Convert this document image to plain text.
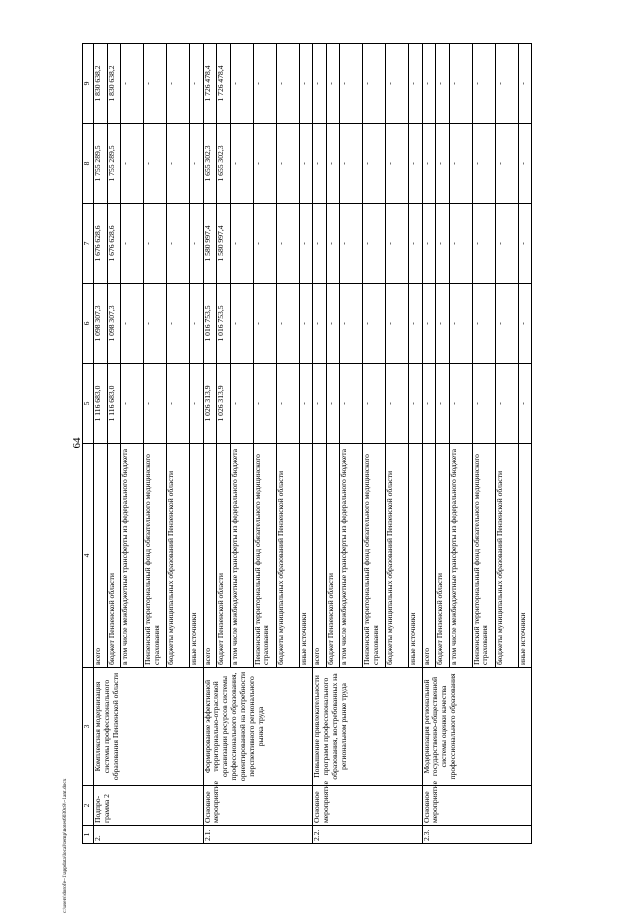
64
c:\users\dorofe~1\appdata\local\temp\notes6030c8\~1ant.docx 1	2	3	4	5	6	7	8	9
2.	Подпро-грамма 2	Комплексная модернизация системы профессионального образования Пензенской области	всего	1 116 683,0	1 098 307,3	1 676 628,6	1 755 289,5	1 830 638,2
			бюджет Пензенской области	1 116 683,0	1 098 307,3	1 676 628,6	1 755 289,5	1 830 638,2
			в том числе межбюджетные трансферты из федерального бюджета	-	-	-	-	-
			Пензенский территориальный фонд обязательного медицинского страхования	-	-	-	-	-
			бюджеты муниципальных образований Пензенской области	-	-	-	-	-
			иные источники	-	-	-	-	-
2.1.	Основное мероприятие	Формирование эффективной территориально-отраслевой организации ресурсов системы профессионального образования, ориентированной на потребности перспективного регионального рынка труда	всего	1 026 313,9	1 016 753,5	1 580 997,4	1 655 302,3	1 726 478,4
			бюджет Пензенской области	1 026 313,9	1 016 753,5	1 580 997,4	1 655 302,3	1 726 478,4
			в том числе межбюджетные трансферты из федерального бюджета	-	-	-	-	-
			Пензенский территориальный фонд обязательного медицинского страхования	-	-	-	-	-
			бюджеты муниципальных образований Пензенской области	-	-	-	-	-
			иные источники	-	-	-	-	-
2.2.	Основное мероприятие	Повышение привлекательности программ профессионального образования, востребованных на региональном рынке труда	всего	-	-	-	-	-
			бюджет Пензенской области	-	-	-	-	-
			в том числе межбюджетные трансферты из федерального бюджета	-	-	-	-	-
			Пензенский территориальный фонд обязательного медицинского страхования	-	-	-	-	-
			бюджеты муниципальных образований Пензенской области	-	-	-	-	-
			иные источники	-	-	-	-	-
2.3.	Основное мероприятие	Модернизация региональной государственно-общественной системы оценки качества профессионального образования	всего	-	-	-	-	-
			бюджет Пензенской области	-	-	-	-	-
			в том числе межбюджетные трансферты из федерального бюджета	-	-	-	-	-
			Пензенский территориальный фонд обязательного медицинского страхования	-	-	-	-	-
			бюджеты муниципальных образований Пензенской области	-	-	-	-	-
			иные источники	-	-	-	-	-
